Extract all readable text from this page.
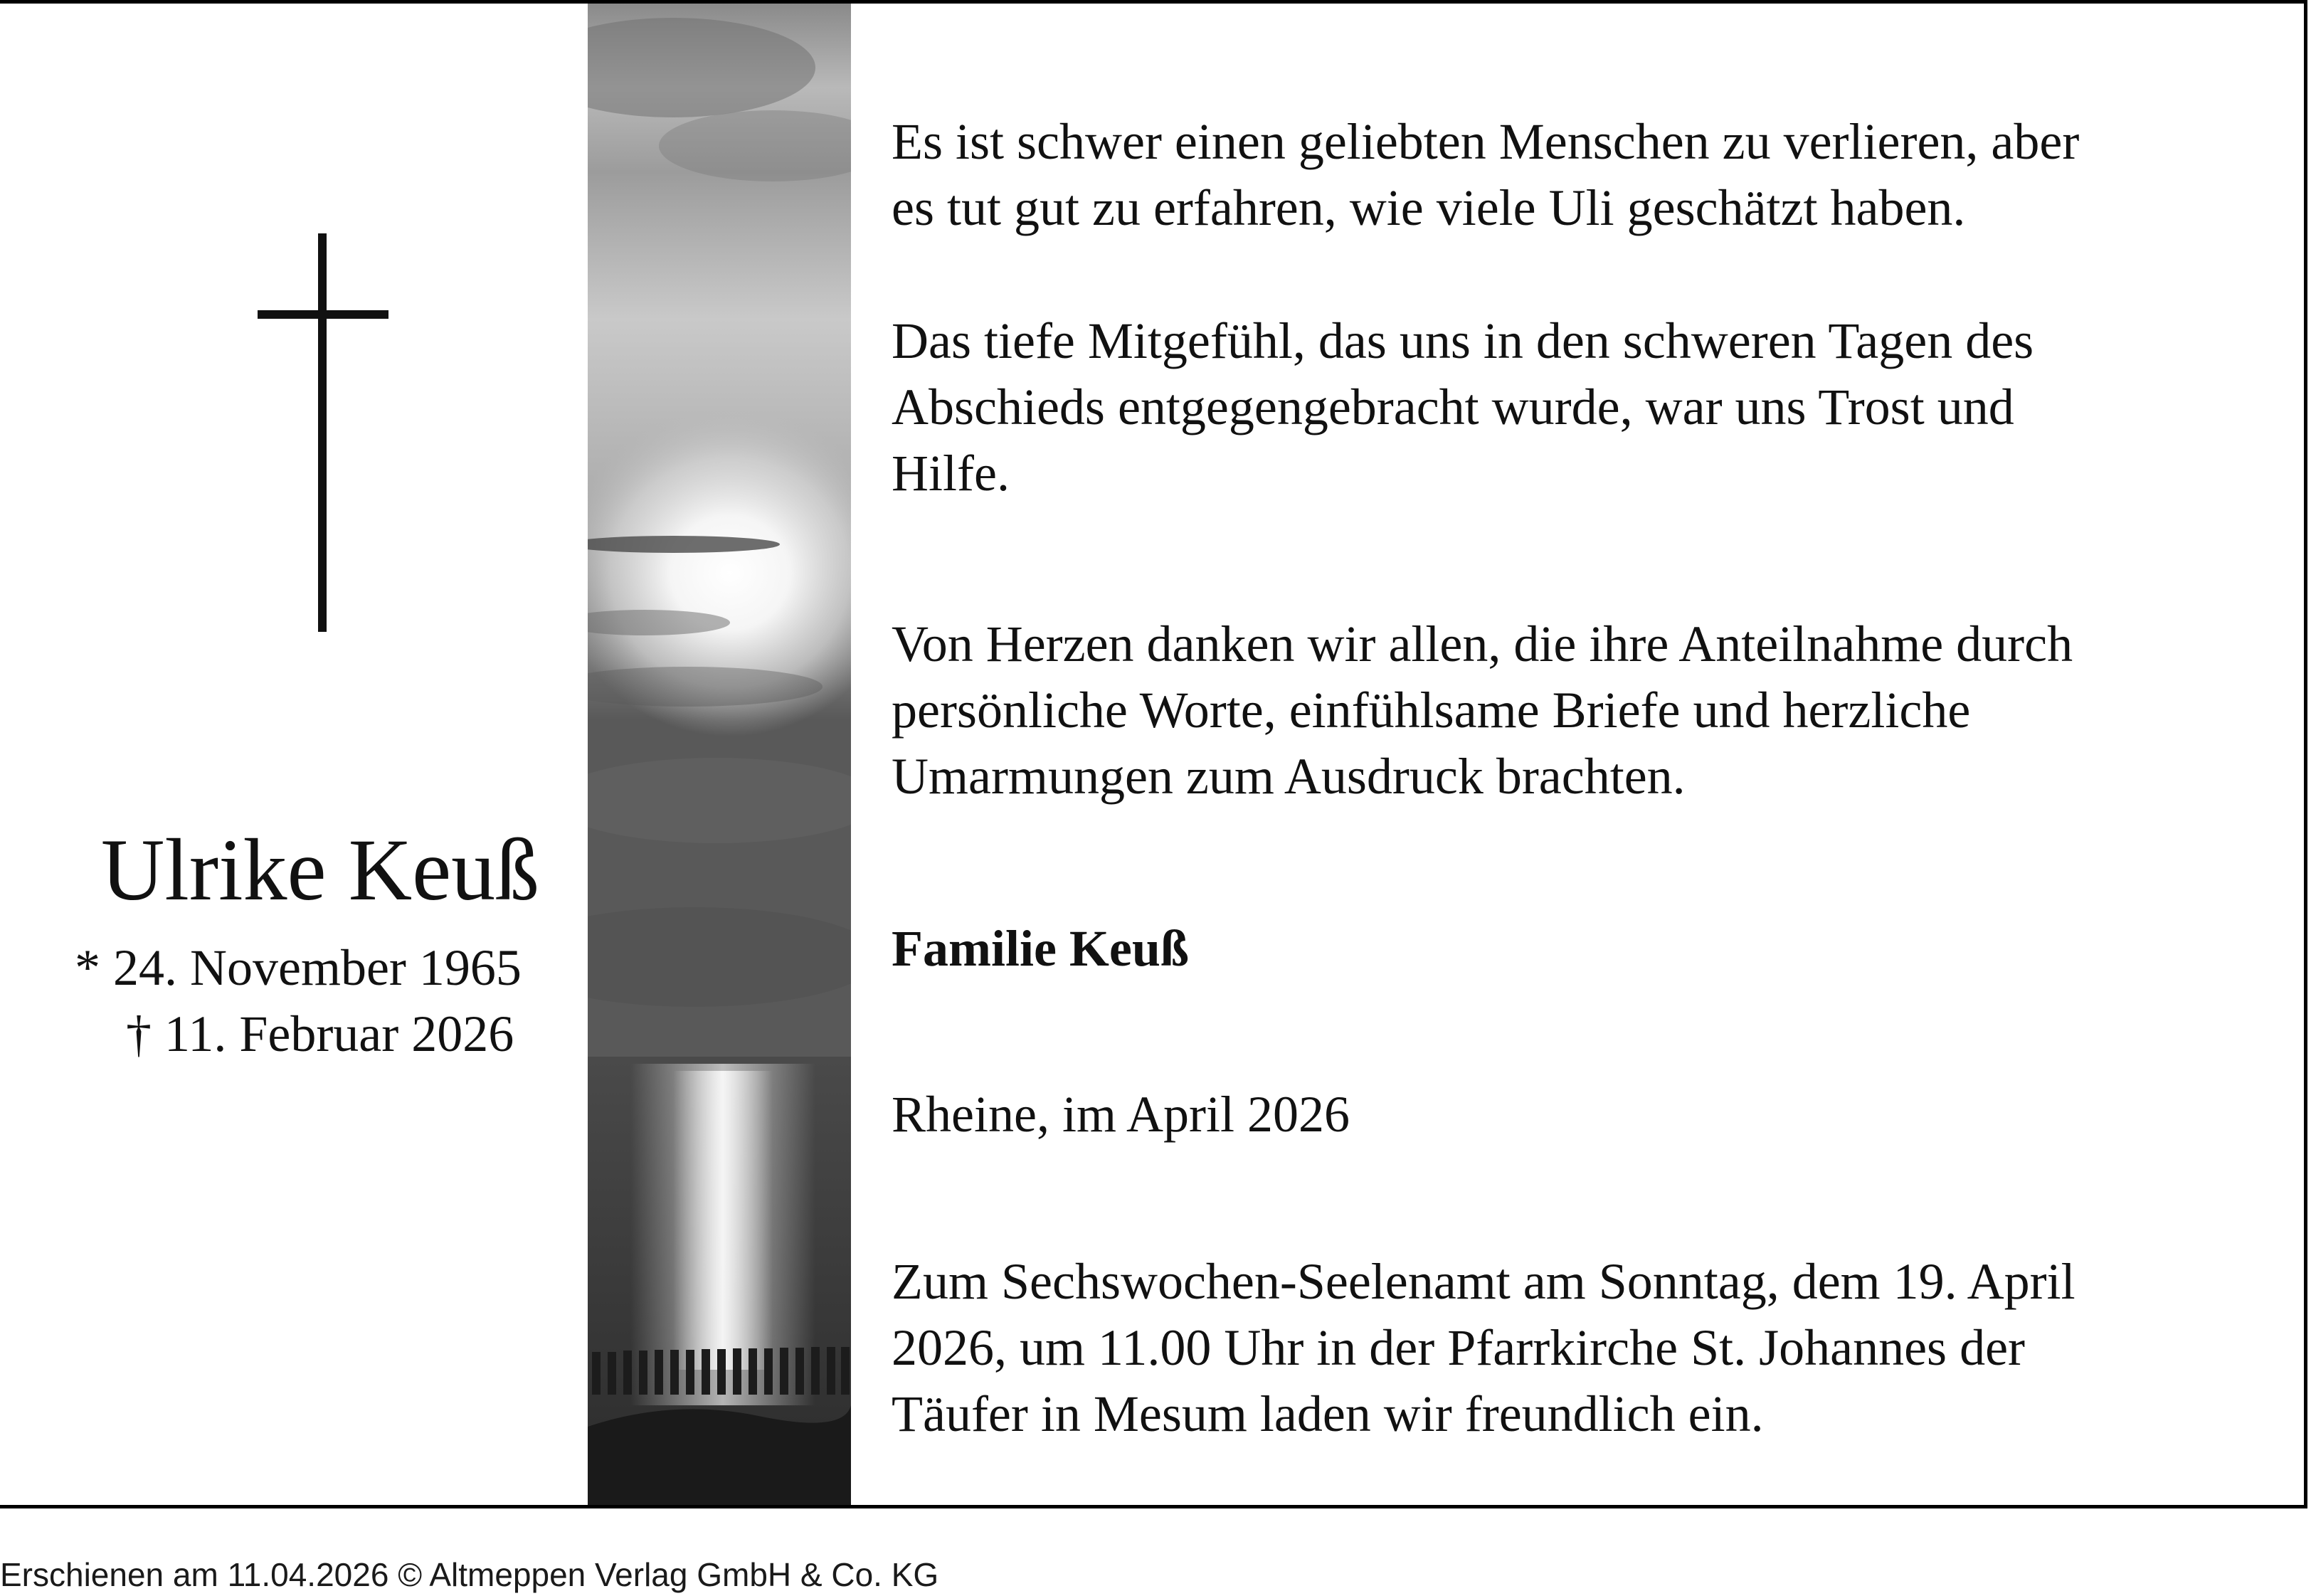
Ulrike Keuß
* 24. November 1965
† 11. Februar 2026

Es ist schwer einen geliebten Menschen zu verlieren, aber
es tut gut zu erfahren, wie viele Uli geschätzt haben.

Das tiefe Mitgefühl, das uns in den schweren Tagen des
Abschieds entgegengebracht wurde, war uns Trost und
Hilfe.

Von Herzen danken wir allen, die ihre Anteilnahme durch
persönliche Worte, einfühlsame Briefe und herzliche
Umarmungen zum Ausdruck brachten.

Familie Keuß

Rheine, im April 2026

Zum Sechswochen-Seelenamt am Sonntag, dem 19. April
2026, um 11.00 Uhr in der Pfarrkirche St. Johannes der
Täufer in Mesum laden wir freundlich ein.

Erschienen am 11.04.2026 © Altmeppen Verlag GmbH & Co. KG
